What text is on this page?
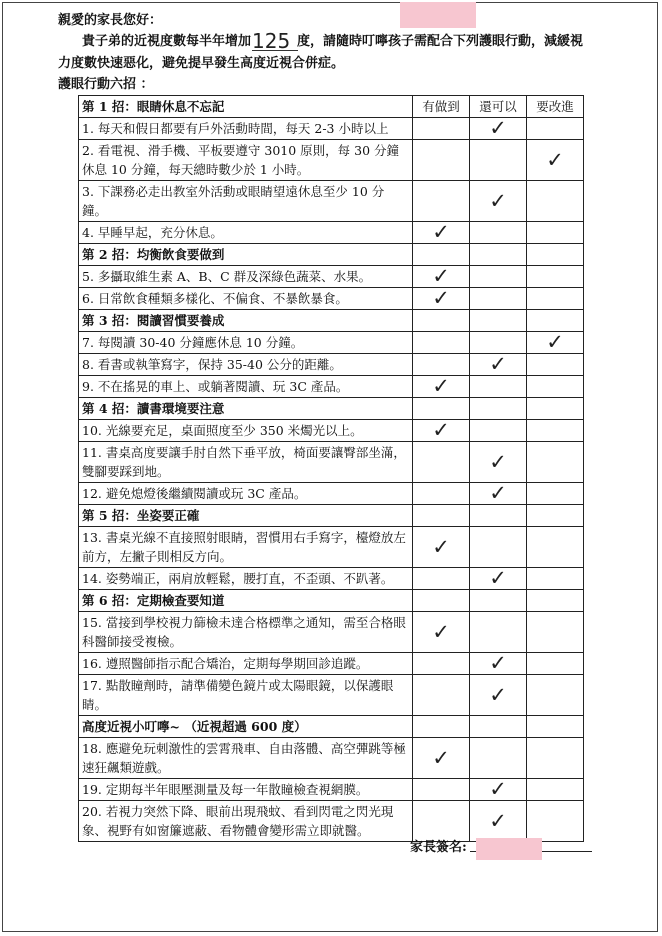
親愛的家長您好：
貴子弟的近視度數每半年增加	度，請隨時叮嚀孩子需配合下列護眼行動，減緩視
125
力度數快速惡化，避免提早發生高度近視合併症。
護眼行動六招 ：
第 1 招：眼睛休息不忘記	有做到	還可以	要改進
1. 每天和假日都要有戶外活動時間，每天 2-3 小時以上		✓	
2. 看電視、滑手機、平板要遵守 3010 原則，每 30 分鐘休息 10 分鐘，每天總時數少於 1 小時。			✓
3. 下課務必走出教室外活動或眼睛望遠休息至少 10 分鐘。		✓	
4. 早睡早起，充分休息。	✓		
第 2 招：均衡飲食要做到			
5. 多攝取維生素 A、B、C 群及深綠色蔬菜、水果。	✓		
6. 日常飲食種類多樣化、不偏食、不暴飲暴食。	✓		
第 3 招：閱讀習慣要養成			
7. 每閱讀 30-40 分鐘應休息 10 分鐘。			✓
8. 看書或執筆寫字，保持 35-40 公分的距離。		✓	
9. 不在搖晃的車上、或躺著閱讀、玩 3C 產品。	✓		
第 4 招：讀書環境要注意			
10. 光線要充足，桌面照度至少 350 米燭光以上。	✓		
11. 書桌高度要讓手肘自然下垂平放，椅面要讓臀部坐滿，雙腳要踩到地。		✓	
12. 避免熄燈後繼續閱讀或玩 3C 產品。		✓	
第 5 招：坐姿要正確			
13. 書桌光線不直接照射眼睛，習慣用右手寫字，檯燈放左前方，左撇子則相反方向。	✓		
14. 姿勢端正，兩肩放輕鬆，腰打直，不歪頭、不趴著。		✓	
第 6 招：定期檢查要知道			
15. 當接到學校視力篩檢未達合格標準之通知，需至合格眼科醫師接受複檢。	✓		
16. 遵照醫師指示配合矯治，定期每學期回診追蹤。		✓	
17. 點散瞳劑時，請準備變色鏡片或太陽眼鏡，以保護眼睛。		✓	
高度近視小叮嚀~ （近視超過 600 度）			
18. 應避免玩刺激性的雲霄飛車、自由落體、高空彈跳等極速狂飆類遊戲。	✓		
19. 定期每半年眼壓測量及每一年散瞳檢查視網膜。		✓	
20. 若視力突然下降、眼前出現飛蚊、看到閃電之閃光現象、視野有如窗簾遮蔽、看物體會變形需立即就醫。		✓	
家長簽名:
